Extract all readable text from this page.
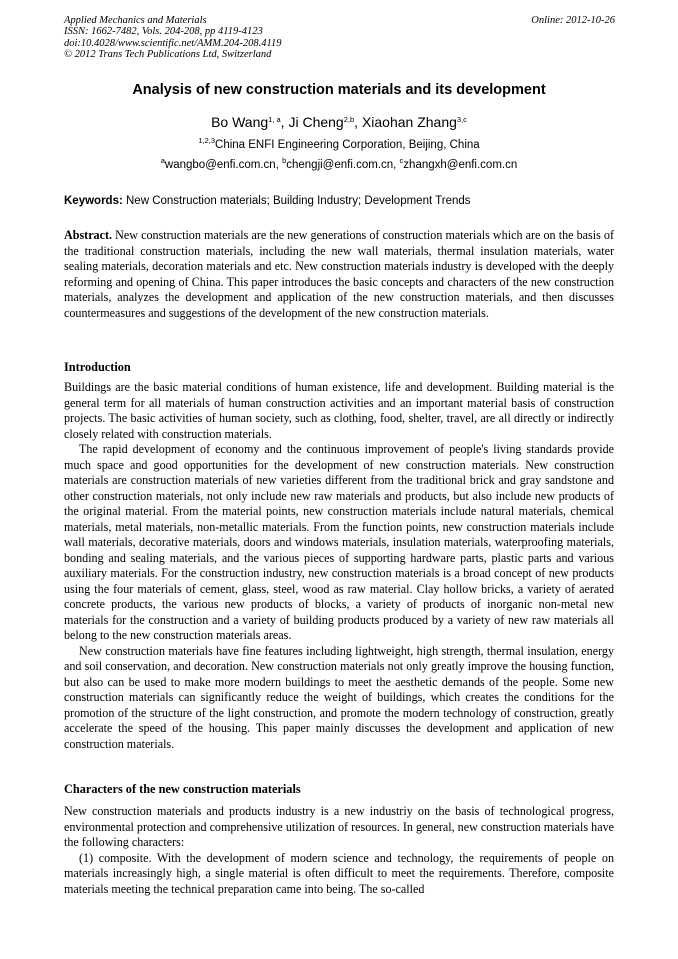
Applied Mechanics and Materials
ISSN: 1662-7482, Vols. 204-208, pp 4119-4123
doi:10.4028/www.scientific.net/AMM.204-208.4119
© 2012 Trans Tech Publications Ltd, Switzerland
Online: 2012-10-26
Analysis of new construction materials and its development
Bo Wang$^{1, a}$, Ji Cheng$^{2,b}$, Xiaohan Zhang$^{3,c}$
$^{1,2,3}$China ENFI Engineering Corporation, Beijing, China
$^a$wangbo@enfi.com.cn, $^b$chengji@enfi.com.cn, $^c$zhangxh@enfi.com.cn
Keywords: New Construction materials; Building Industry; Development Trends

Abstract. New construction materials are the new generations of construction materials which are on the basis of the traditional construction materials, including the new wall materials, thermal insulation materials, water sealing materials, decoration materials and etc. New construction materials industry is developed with the deeply reforming and opening of China. This paper introduces the basic concepts and characters of the new construction materials, analyzes the development and application of the new construction materials, and then discusses countermeasures and suggestions of the development of the new construction materials.

Introduction

Buildings are the basic material conditions of human existence, life and development. Building material is the general term for all materials of human construction activities and an important material basis of construction projects. The basic activities of human society, such as clothing, food, shelter, travel, are all directly or indirectly closely related with construction materials.

The rapid development of economy and the continuous improvement of people's living standards provide much space and good opportunities for the development of new construction materials. New construction materials are construction materials of new varieties different from the traditional brick and gray sandstone and other construction materials, not only include new raw materials and products, but also include new products of the original material. From the material points, new construction materials include natural materials, chemical materials, metal materials, non-metallic materials. From the function points, new construction materials include wall materials, decorative materials, doors and windows materials, insulation materials, waterproofing materials, bonding and sealing materials, and the various pieces of supporting hardware parts, plastic parts and various auxiliary materials. For the construction industry, new construction materials is a broad concept of new products using the four materials of cement, glass, steel, wood as raw material. Clay hollow bricks, a variety of aerated concrete products, the various new products of blocks, a variety of products of inorganic non-metal new materials for the construction and a variety of building products produced by a variety of new raw materials all belong to the new construction materials areas.

New construction materials have fine features including lightweight, high strength, thermal insulation, energy and soil conservation, and decoration. New construction materials not only greatly improve the housing function, but also can be used to make more modern buildings to meet the aesthetic demands of the people. Some new construction materials can significantly reduce the weight of buildings, which creates the conditions for the promotion of the structure of the light construction, and promote the modern technology of construction, greatly accelerate the speed of the housing. This paper mainly discusses the development and application of new construction materials.

Characters of the new construction materials

New construction materials and products industry is a new industriy on the basis of technological progress, environmental protection and comprehensive utilization of resources. In general, new construction materials have the following characters:

(1) composite. With the development of modern science and technology, the requirements of people on materials increasingly high, a single material is often difficult to meet the requirements. Therefore, composite materials meeting the technical preparation came into being. The so-called
